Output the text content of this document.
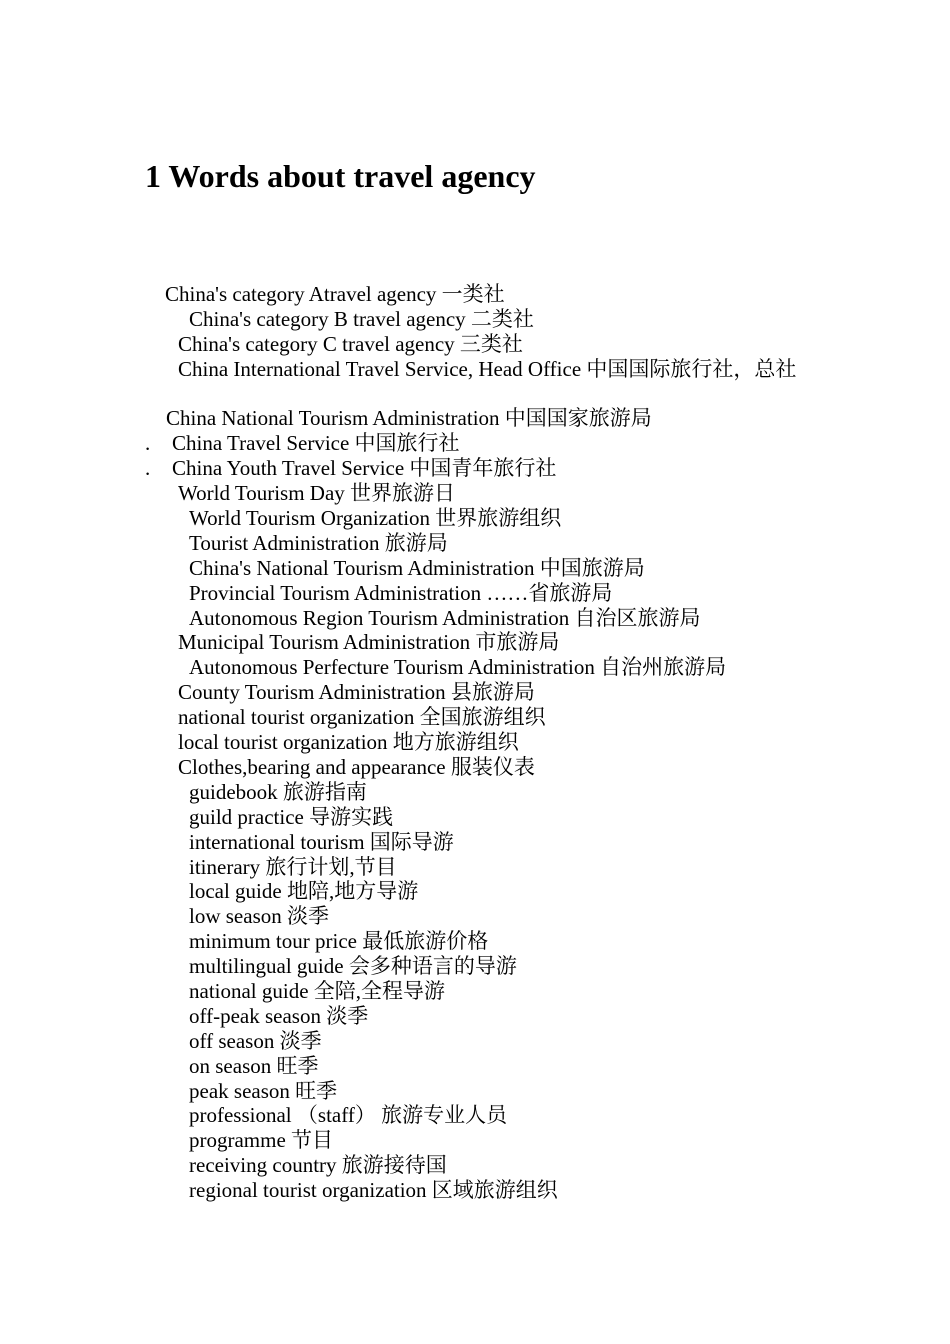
1 Words about travel agency
China's category Atravel agency 一类社
China's category B travel agency 二类社
China's category C travel agency 三类社
China International Travel Service, Head Office 中国国际旅行社，总社
China National Tourism Administration 中国国家旅游局
. China Travel Service 中国旅行社
. China Youth Travel Service 中国青年旅行社
World Tourism Day 世界旅游日
World Tourism Organization 世界旅游组织
Tourist Administration 旅游局
China's National Tourism Administration 中国旅游局
Provincial Tourism Administration ……省旅游局
Autonomous Region Tourism Administration 自治区旅游局
Municipal Tourism Administration 市旅游局
Autonomous Perfecture Tourism Administration 自治州旅游局
County Tourism Administration 县旅游局
national tourist organization 全国旅游组织
local tourist organization 地方旅游组织
Clothes,bearing and appearance 服装仪表
guidebook 旅游指南
guild practice 导游实践
international tourism 国际导游
itinerary 旅行计划,节目
local guide 地陪,地方导游
low season 淡季
minimum tour price 最低旅游价格
multilingual guide 会多种语言的导游
national guide 全陪,全程导游
off-peak season 淡季
off season 淡季
on season 旺季
peak season 旺季
professional （staff） 旅游专业人员
programme 节目
receiving country 旅游接待国
regional tourist organization 区域旅游组织
